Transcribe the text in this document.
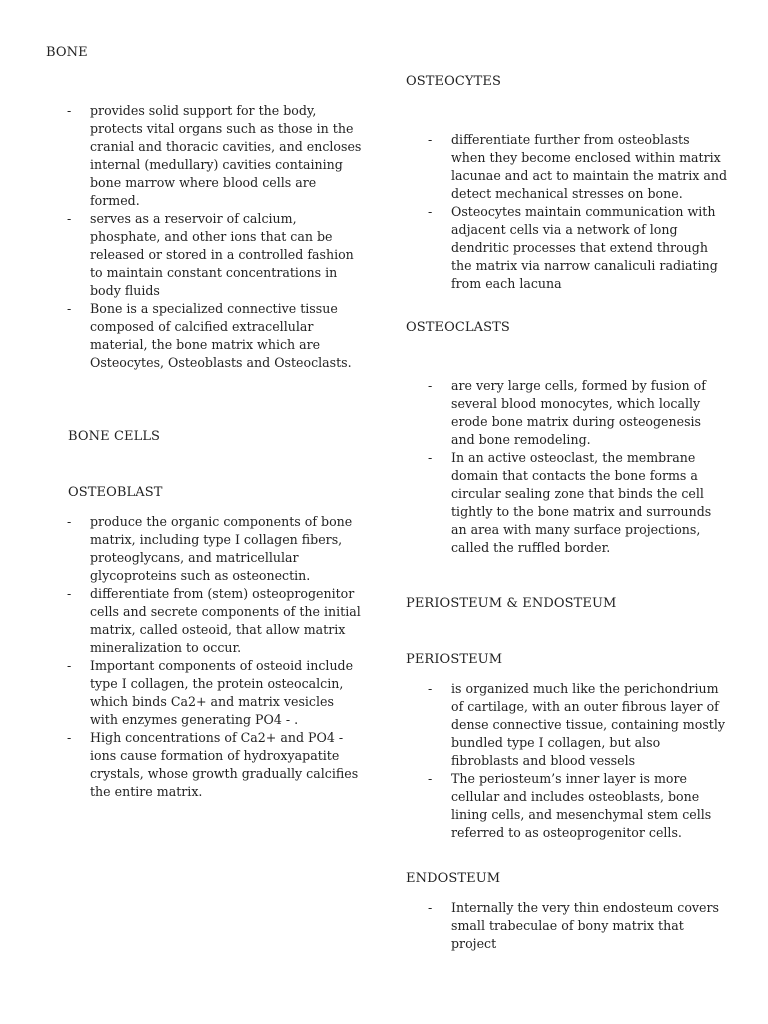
BONE
- provides solid support for the body, protects vital organs such as those in the cranial and thoracic cavities, and encloses internal (medullary) cavities containing bone marrow where blood cells are formed.
- serves as a reservoir of calcium, phosphate, and other ions that can be released or stored in a controlled fashion to maintain constant concentrations in body fluids
- Bone is a specialized connective tissue composed of calcified extracellular material, the bone matrix which are Osteocytes, Osteoblasts and Osteoclasts.
BONE CELLS
OSTEOBLAST
- produce the organic components of bone matrix, including type I collagen fibers, proteoglycans, and matricellular glycoproteins such as osteonectin.
- differentiate from (stem) osteoprogenitor cells and secrete components of the initial matrix, called osteoid, that allow matrix mineralization to occur.
- Important components of osteoid include type I collagen, the protein osteocalcin, which binds Ca2+ and matrix vesicles with enzymes generating PO4 - .
- High concentrations of Ca2+ and PO4 - ions cause formation of hydroxyapatite crystals, whose growth gradually calcifies the entire matrix.
OSTEOCYTES
- differentiate further from osteoblasts when they become enclosed within matrix lacunae and act to maintain the matrix and detect mechanical stresses on bone.
- Osteocytes maintain communication with adjacent cells via a network of long dendritic processes that extend through the matrix via narrow canaliculi radiating from each lacuna
OSTEOCLASTS
- are very large cells, formed by fusion of several blood monocytes, which locally erode bone matrix during osteogenesis and bone remodeling.
- In an active osteoclast, the membrane domain that contacts the bone forms a circular sealing zone that binds the cell tightly to the bone matrix and surrounds an area with many surface projections, called the ruffled border.
PERIOSTEUM & ENDOSTEUM
PERIOSTEUM
- is organized much like the perichondrium of cartilage, with an outer fibrous layer of dense connective tissue, containing mostly bundled type I collagen, but also fibroblasts and blood vessels
- The periosteum’s inner layer is more cellular and includes osteoblasts, bone lining cells, and mesenchymal stem cells referred to as osteoprogenitor cells.
ENDOSTEUM
- Internally the very thin endosteum covers small trabeculae of bony matrix that project
